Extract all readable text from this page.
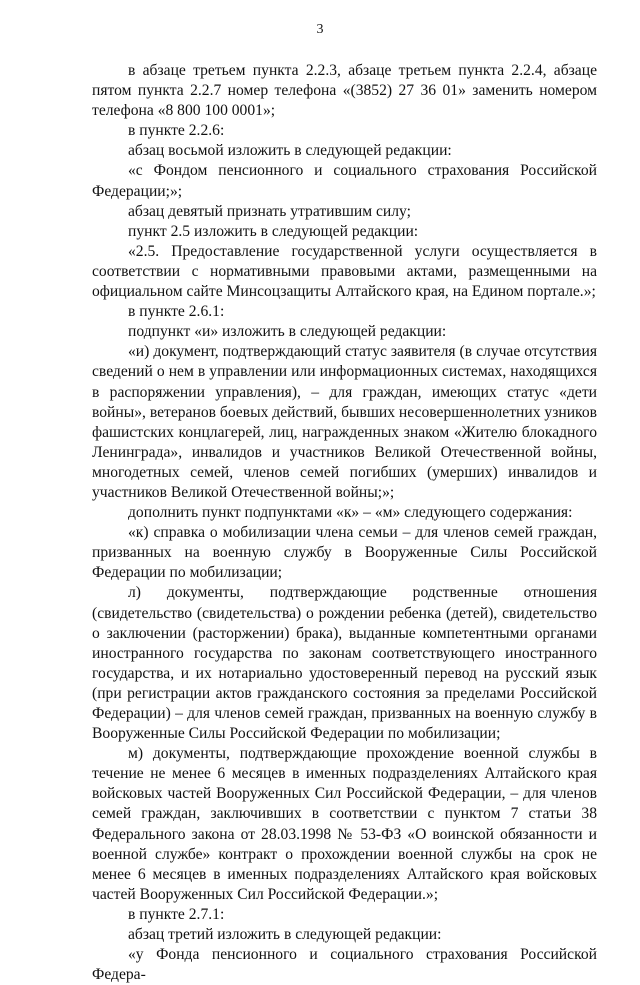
3

в абзаце третьем пункта 2.2.3, абзаце третьем пункта 2.2.4, абзаце пятом пункта 2.2.7 номер телефона «(3852) 27 36 01» заменить номером телефона «8 800 100 0001»;

в пункте 2.2.6:

абзац восьмой изложить в следующей редакции:

«с Фондом пенсионного и социального страхования Российской Федерации;»;

абзац девятый признать утратившим силу;

пункт 2.5 изложить в следующей редакции:

«2.5. Предоставление государственной услуги осуществляется в соответствии с нормативными правовыми актами, размещенными на официальном сайте Минсоцзащиты Алтайского края, на Едином портале.»;

в пункте 2.6.1:

подпункт «и» изложить в следующей редакции:

«и) документ, подтверждающий статус заявителя (в случае отсутствия сведений о нем в управлении или информационных системах, находящихся в распоряжении управления), – для граждан, имеющих статус «дети войны», ветеранов боевых действий, бывших несовершеннолетних узников фашистских концлагерей, лиц, награжденных знаком «Жителю блокадного Ленинграда», инвалидов и участников Великой Отечественной войны, многодетных семей, членов семей погибших (умерших) инвалидов и участников Великой Отечественной войны;»;

дополнить пункт подпунктами «к» – «м» следующего содержания:

«к) справка о мобилизации члена семьи – для членов семей граждан, призванных на военную службу в Вооруженные Силы Российской Федерации по мобилизации;

л) документы, подтверждающие родственные отношения (свидетельство (свидетельства) о рождении ребенка (детей), свидетельство о заключении (расторжении) брака), выданные компетентными органами иностранного государства по законам соответствующего иностранного государства, и их нотариально удостоверенный перевод на русский язык (при регистрации актов гражданского состояния за пределами Российской Федерации) – для членов семей граждан, призванных на военную службу в Вооруженные Силы Российской Федерации по мобилизации;

м) документы, подтверждающие прохождение военной службы в течение не менее 6 месяцев в именных подразделениях Алтайского края войсковых частей Вооруженных Сил Российской Федерации, – для членов семей граждан, заключивших в соответствии с пунктом 7 статьи 38 Федерального закона от 28.03.1998 № 53-ФЗ «О воинской обязанности и военной службе» контракт о прохождении военной службы на срок не менее 6 месяцев в именных подразделениях Алтайского края войсковых частей Вооруженных Сил Российской Федерации.»;

в пункте 2.7.1:

абзац третий изложить в следующей редакции:

«у Фонда пенсионного и социального страхования Российской Федера-
